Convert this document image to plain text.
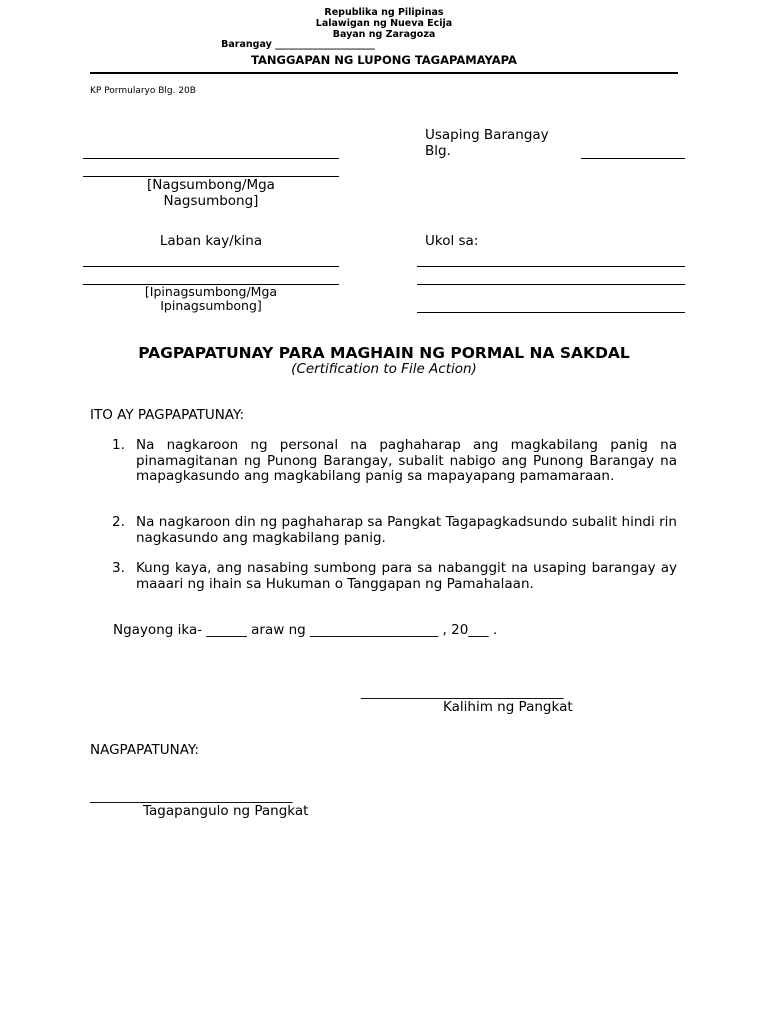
Republika ng Pilipinas
Lalawigan ng Nueva Ecija
Bayan ng Zaragoza
Barangay _____________________
TANGGAPAN NG LUPONG TAGAPAMAYAPA
KP Pormularyo Blg. 20B
Usaping Barangay
Blg.
[Nagsumbong/Mga
Nagsumbong]
Laban kay/kina	Ukol sa:
[Ipinagsumbong/Mga
Ipinagsumbong]
PAGPAPATUNAY PARA MAGHAIN NG PORMAL NA SAKDAL
(Certification to File Action)
ITO AY PAGPAPATUNAY:
1. Na nagkaroon ng personal na paghaharap ang magkabilang panig na pinamagitanan ng Punong Barangay, subalit nabigo ang Punong Barangay na mapagkasundo ang magkabilang panig sa mapayapang pamamaraan.
2. Na nagkaroon din ng paghaharap sa Pangkat Tagapagkadsundo subalit hindi rin nagkasundo ang magkabilang panig.
3. Kung kaya, ang nasabing sumbong para sa nabanggit na usaping barangay ay maaari ng ihain sa Hukuman o Tanggapan ng Pamahalaan.
Ngayong ika- ______ araw ng ___________________ , 20___ .
______________________________
Kalihim ng Pangkat
NAGPAPATUNAY:
______________________________
Tagapangulo ng Pangkat
